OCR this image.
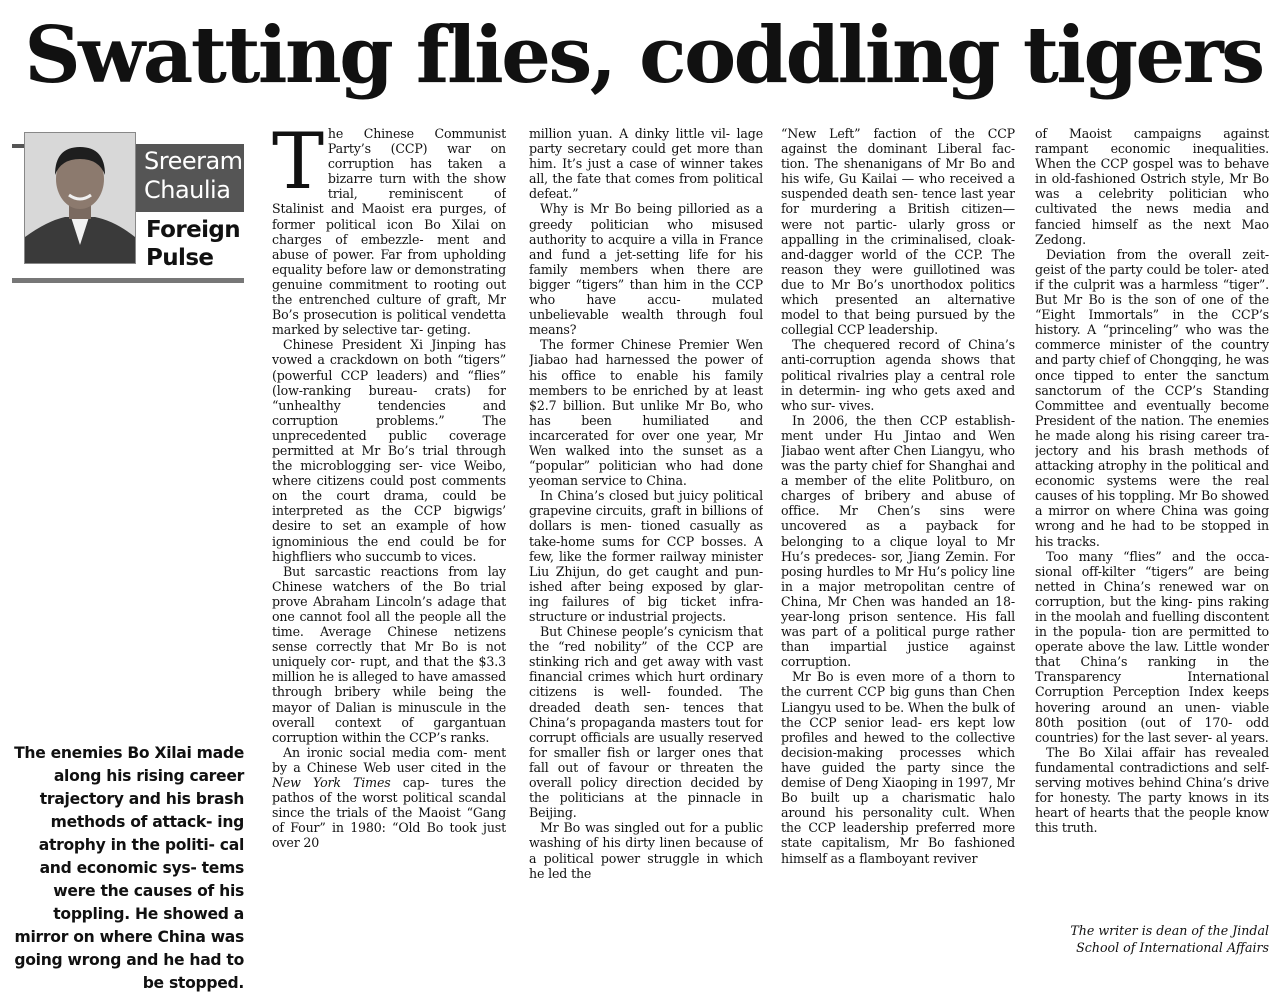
Swatting flies, coddling tigers
Sreeram
Chaulia
Foreign
Pulse
The enemies Bo Xilai made along his rising career trajectory and his brash methods of attack- ing atrophy in the politi- cal and economic sys- tems were the causes of his toppling. He showed a mirror on where China was going wrong and he had to be stopped.

The Chinese Communist Party’s (CCP) war on corruption has taken a bizarre turn with the show trial, reminiscent of Stalinist and Maoist era purges, of former political icon Bo Xilai on charges of embezzle- ment and abuse of power. Far from upholding equality before law or demonstrating genuine commitment to rooting out the entrenched culture of graft, Mr Bo’s prosecution is political vendetta marked by selective tar- geting.

Chinese President Xi Jinping has vowed a crackdown on both “tigers” (powerful CCP leaders) and “flies” (low-ranking bureau- crats) for “unhealthy tendencies and corruption problems.” The unprecedented public coverage permitted at Mr Bo’s trial through the microblogging ser- vice Weibo, where citizens could post comments on the court drama, could be interpreted as the CCP bigwigs’ desire to set an example of how ignominious the end could be for highfliers who succumb to vices.

But sarcastic reactions from lay Chinese watchers of the Bo trial prove Abraham Lincoln’s adage that one cannot fool all the people all the time. Average Chinese netizens sense correctly that Mr Bo is not uniquely cor- rupt, and that the $3.3 million he is alleged to have amassed through bribery while being the mayor of Dalian is minuscule in the overall context of gargantuan corruption within the CCP’s ranks.

An ironic social media com- ment by a Chinese Web user cited in the New York Times cap- tures the pathos of the worst political scandal since the trials of the Maoist “Gang of Four” in 1980: “Old Bo took just over 20

million yuan. A dinky little vil- lage party secretary could get more than him. It’s just a case of winner takes all, the fate that comes from political defeat.”

Why is Mr Bo being pilloried as a greedy politician who misused authority to acquire a villa in France and fund a jet-setting life for his family members when there are bigger “tigers” than him in the CCP who have accu- mulated unbelievable wealth through foul means?

The former Chinese Premier Wen Jiabao had harnessed the power of his office to enable his family members to be enriched by at least $2.7 billion. But unlike Mr Bo, who has been humiliated and incarcerated for over one year, Mr Wen walked into the sunset as a “popular” politician who had done yeoman service to China.

In China’s closed but juicy political grapevine circuits, graft in billions of dollars is men- tioned casually as take-home sums for CCP bosses. A few, like the former railway minister Liu Zhijun, do get caught and pun- ished after being exposed by glar- ing failures of big ticket infra- structure or industrial projects.

But Chinese people’s cynicism that the “red nobility” of the CCP are stinking rich and get away with vast financial crimes which hurt ordinary citizens is well- founded. The dreaded death sen- tences that China’s propaganda masters tout for corrupt officials are usually reserved for smaller fish or larger ones that fall out of favour or threaten the overall policy direction decided by the politicians at the pinnacle in Beijing.

Mr Bo was singled out for a public washing of his dirty linen because of a political power struggle in which he led the

“New Left” faction of the CCP against the dominant Liberal fac- tion. The shenanigans of Mr Bo and his wife, Gu Kailai — who received a suspended death sen- tence last year for murdering a British citizen— were not partic- ularly gross or appalling in the criminalised, cloak-and-dagger world of the CCP. The reason they were guillotined was due to Mr Bo’s unorthodox politics which presented an alternative model to that being pursued by the collegial CCP leadership.

The chequered record of China’s anti-corruption agenda shows that political rivalries play a central role in determin- ing who gets axed and who sur- vives.

In 2006, the then CCP establish- ment under Hu Jintao and Wen Jiabao went after Chen Liangyu, who was the party chief for Shanghai and a member of the elite Politburo, on charges of bribery and abuse of office. Mr Chen’s sins were uncovered as a payback for belonging to a clique loyal to Mr Hu’s predeces- sor, Jiang Zemin. For posing hurdles to Mr Hu’s policy line in a major metropolitan centre of China, Mr Chen was handed an 18-year-long prison sentence. His fall was part of a political purge rather than impartial justice against corruption.

Mr Bo is even more of a thorn to the current CCP big guns than Chen Liangyu used to be. When the bulk of the CCP senior lead- ers kept low profiles and hewed to the collective decision-making processes which have guided the party since the demise of Deng Xiaoping in 1997, Mr Bo built up a charismatic halo around his personality cult. When the CCP leadership preferred more state capitalism, Mr Bo fashioned himself as a flamboyant reviver

of Maoist campaigns against rampant economic inequalities. When the CCP gospel was to behave in old-fashioned Ostrich style, Mr Bo was a celebrity politician who cultivated the news media and fancied himself as the next Mao Zedong.

Deviation from the overall zeit- geist of the party could be toler- ated if the culprit was a harmless “tiger”. But Mr Bo is the son of one of the “Eight Immortals” in the CCP’s history. A “princeling” who was the commerce minister of the country and party chief of Chongqing, he was once tipped to enter the sanctum sanctorum of the CCP’s Standing Committee and eventually become President of the nation. The enemies he made along his rising career tra- jectory and his brash methods of attacking atrophy in the political and economic systems were the real causes of his toppling. Mr Bo showed a mirror on where China was going wrong and he had to be stopped in his tracks.

Too many “flies” and the occa- sional off-kilter “tigers” are being netted in China’s renewed war on corruption, but the king- pins raking in the moolah and fuelling discontent in the popula- tion are permitted to operate above the law. Little wonder that China’s ranking in the Transparency International Corruption Perception Index keeps hovering around an unen- viable 80th position (out of 170- odd countries) for the last sever- al years.

The Bo Xilai affair has revealed fundamental contradictions and self-serving motives behind China’s drive for honesty. The party knows in its heart of hearts that the people know this truth.

The writer is dean of the Jindal
School of International Affairs
